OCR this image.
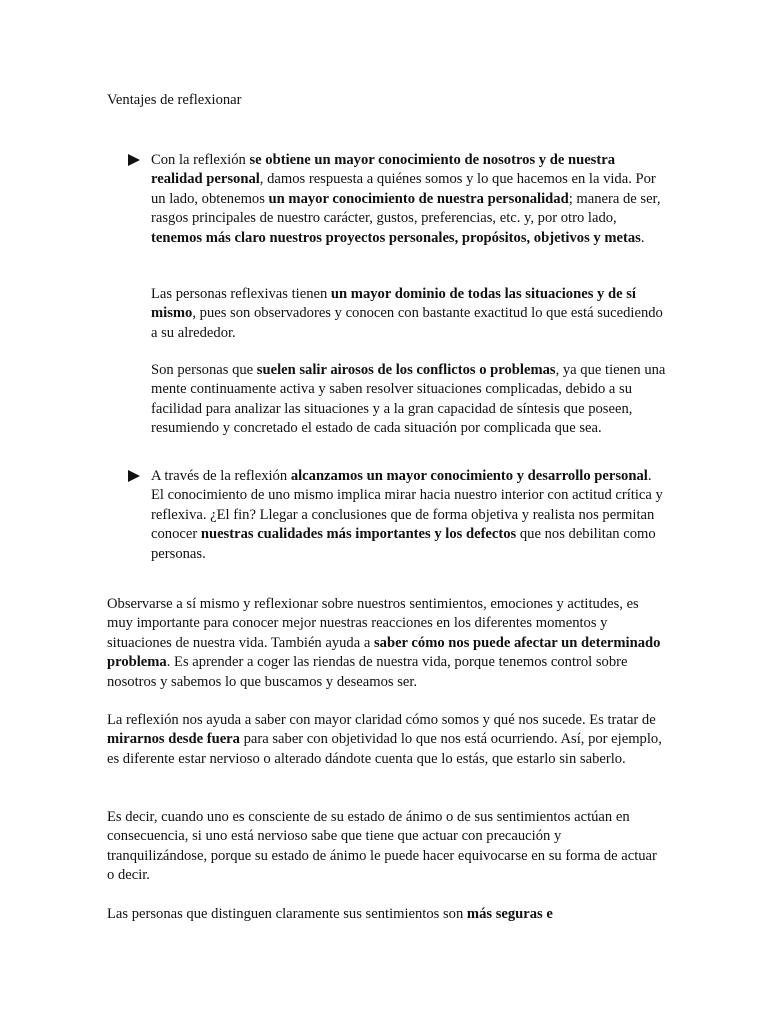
Ventajes de reflexionar

Con la reflexión se obtiene un mayor conocimiento de nosotros y de nuestra realidad personal, damos respuesta a quiénes somos y lo que hacemos en la vida. Por un lado, obtenemos un mayor conocimiento de nuestra personalidad; manera de ser, rasgos principales de nuestro carácter, gustos, preferencias, etc. y, por otro lado, tenemos más claro nuestros proyectos personales, propósitos, objetivos y metas.

Las personas reflexivas tienen un mayor dominio de todas las situaciones y de sí mismo, pues son observadores y conocen con bastante exactitud lo que está sucediendo a su alrededor.

Son personas que suelen salir airosos de los conflictos o problemas, ya que tienen una mente continuamente activa y saben resolver situaciones complicadas, debido a su facilidad para analizar las situaciones y a la gran capacidad de síntesis que poseen, resumiendo y concretado el estado de cada situación por complicada que sea.

A través de la reflexión alcanzamos un mayor conocimiento y desarrollo personal. El conocimiento de uno mismo implica mirar hacia nuestro interior con actitud crítica y reflexiva. ¿El fin? Llegar a conclusiones que de forma objetiva y realista nos permitan conocer nuestras cualidades más importantes y los defectos que nos debilitan como personas.

Observarse a sí mismo y reflexionar sobre nuestros sentimientos, emociones y actitudes, es muy importante para conocer mejor nuestras reacciones en los diferentes momentos y situaciones de nuestra vida. También ayuda a saber cómo nos puede afectar un determinado problema. Es aprender a coger las riendas de nuestra vida, porque tenemos control sobre nosotros y sabemos lo que buscamos y deseamos ser.

La reflexión nos ayuda a saber con mayor claridad cómo somos y qué nos sucede. Es tratar de mirarnos desde fuera para saber con objetividad lo que nos está ocurriendo. Así, por ejemplo, es diferente estar nervioso o alterado dándote cuenta que lo estás, que estarlo sin saberlo.

Es decir, cuando uno es consciente de su estado de ánimo o de sus sentimientos actúan en consecuencia, si uno está nervioso sabe que tiene que actuar con precaución y tranquilizándose, porque su estado de ánimo le puede hacer equivocarse en su forma de actuar o decir.

Las personas que distinguen claramente sus sentimientos son más seguras e
